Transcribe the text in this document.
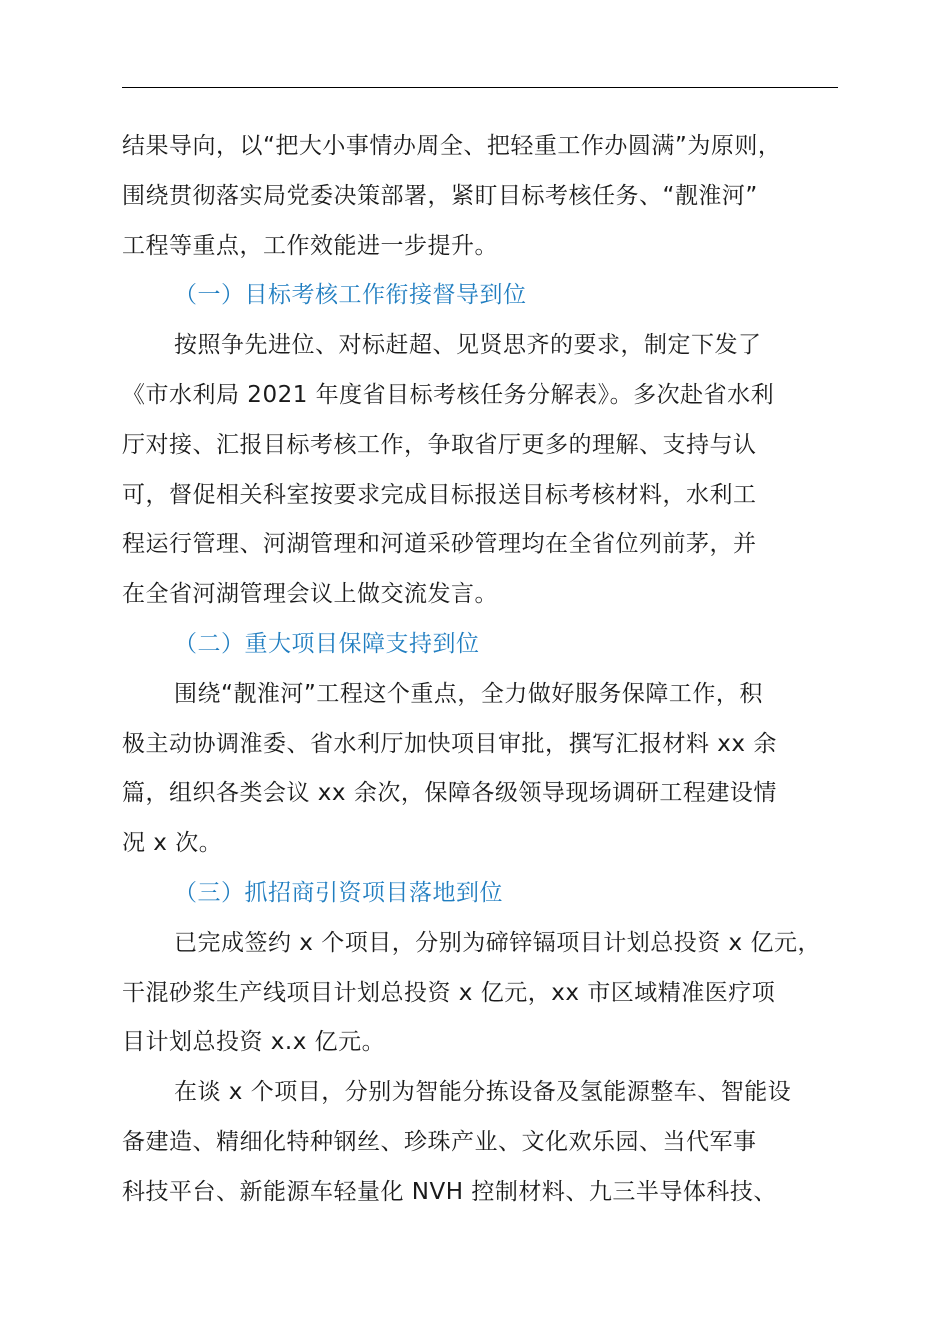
结果导向，以“把大小事情办周全、把轻重工作办圆满”为原则，
围绕贯彻落实局党委决策部署，紧盯目标考核任务、“靓淮河”
工程等重点，工作效能进一步提升。
（一）目标考核工作衔接督导到位
按照争先进位、对标赶超、见贤思齐的要求，制定下发了
《市水利局 2021 年度省目标考核任务分解表》。多次赴省水利
厅对接、汇报目标考核工作，争取省厅更多的理解、支持与认
可，督促相关科室按要求完成目标报送目标考核材料，水利工
程运行管理、河湖管理和河道采砂管理均在全省位列前茅，并
在全省河湖管理会议上做交流发言。
（二）重大项目保障支持到位
围绕“靓淮河”工程这个重点，全力做好服务保障工作，积
极主动协调淮委、省水利厅加快项目审批，撰写汇报材料 xx 余
篇，组织各类会议 xx 余次，保障各级领导现场调研工程建设情
况 x 次。
（三）抓招商引资项目落地到位
已完成签约 x 个项目，分别为碲锌镉项目计划总投资 x 亿元，
干混砂浆生产线项目计划总投资 x 亿元，xx 市区域精准医疗项
目计划总投资 x.x 亿元。
在谈 x 个项目，分别为智能分拣设备及氢能源整车、智能设
备建造、精细化特种钢丝、珍珠产业、文化欢乐园、当代军事
科技平台、新能源车轻量化 NVH 控制材料、九三半导体科技、
